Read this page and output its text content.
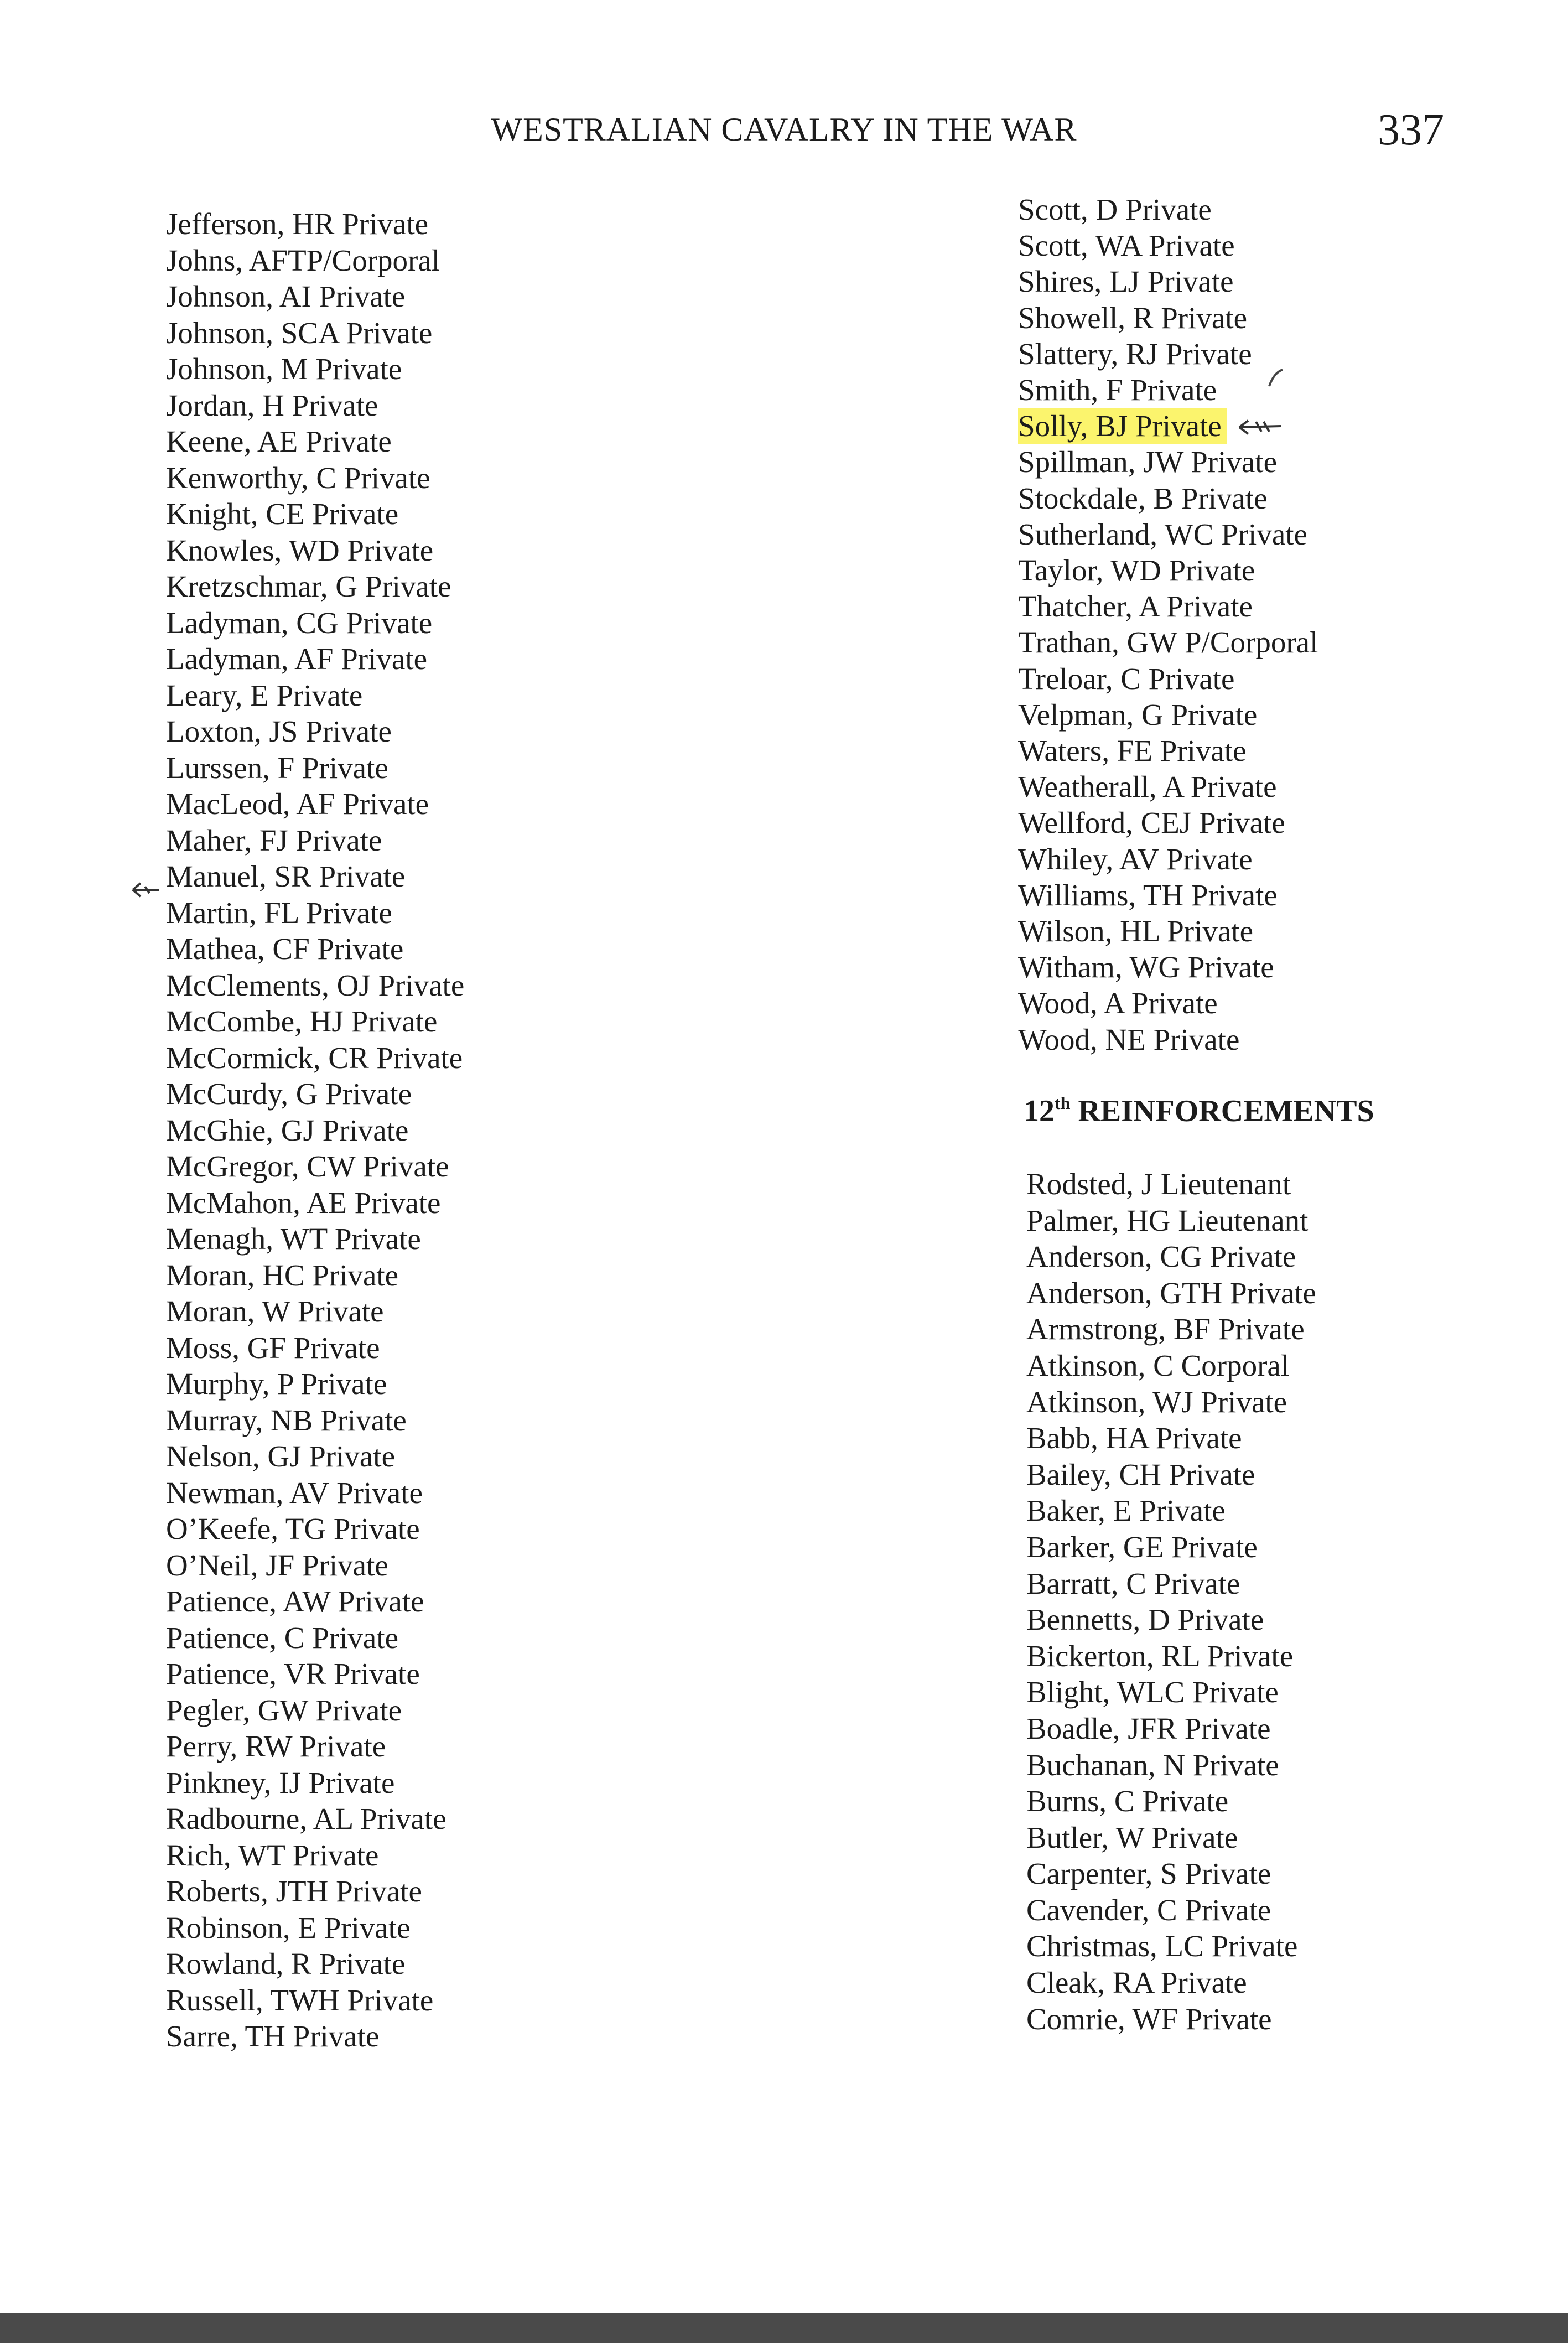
WESTRALIAN CAVALRY IN THE WAR	337
Jefferson, HR Private
Johns, AFTP/Corporal
Johnson, AI Private
Johnson, SCA Private
Johnson, M Private
Jordan, H Private
Keene, AE Private
Kenworthy, C Private
Knight, CE Private
Knowles, WD Private
Kretzschmar, G Private
Ladyman, CG Private
Ladyman, AF Private
Leary, E Private
Loxton, JS Private
Lurssen, F Private
MacLeod, AF Private
Maher, FJ Private
Manuel, SR Private
Martin, FL Private
Mathea, CF Private
McClements, OJ Private
McCombe, HJ Private
McCormick, CR Private
McCurdy, G Private
McGhie, GJ Private
McGregor, CW Private
McMahon, AE Private
Menagh, WT Private
Moran, HC Private
Moran, W Private
Moss, GF Private
Murphy, P Private
Murray, NB Private
Nelson, GJ Private
Newman, AV Private
O’Keefe, TG Private
O’Neil, JF Private
Patience, AW Private
Patience, C Private
Patience, VR Private
Pegler, GW Private
Perry, RW Private
Pinkney, IJ Private
Radbourne, AL Private
Rich, WT Private
Roberts, JTH Private
Robinson, E Private
Rowland, R Private
Russell, TWH Private
Sarre, TH Private
Scott, D Private
Scott, WA Private
Shires, LJ Private
Showell, R Private
Slattery, RJ Private
Smith, F Private
Solly, BJ Private
Spillman, JW Private
Stockdale, B Private
Sutherland, WC Private
Taylor, WD Private
Thatcher, A Private
Trathan, GW P/Corporal
Treloar, C Private
Velpman, G Private
Waters, FE Private
Weatherall, A Private
Wellford, CEJ Private
Whiley, AV Private
Williams, TH Private
Wilson, HL Private
Witham, WG Private
Wood, A Private
Wood, NE Private
12th REINFORCEMENTS
Rodsted, J Lieutenant
Palmer, HG Lieutenant
Anderson, CG Private
Anderson, GTH Private
Armstrong, BF Private
Atkinson, C Corporal
Atkinson, WJ Private
Babb, HA Private
Bailey, CH Private
Baker, E Private
Barker, GE Private
Barratt, C Private
Bennetts, D Private
Bickerton, RL Private
Blight, WLC Private
Boadle, JFR Private
Buchanan, N Private
Burns, C Private
Butler, W Private
Carpenter, S Private
Cavender, C Private
Christmas, LC Private
Cleak, RA Private
Comrie, WF Private
